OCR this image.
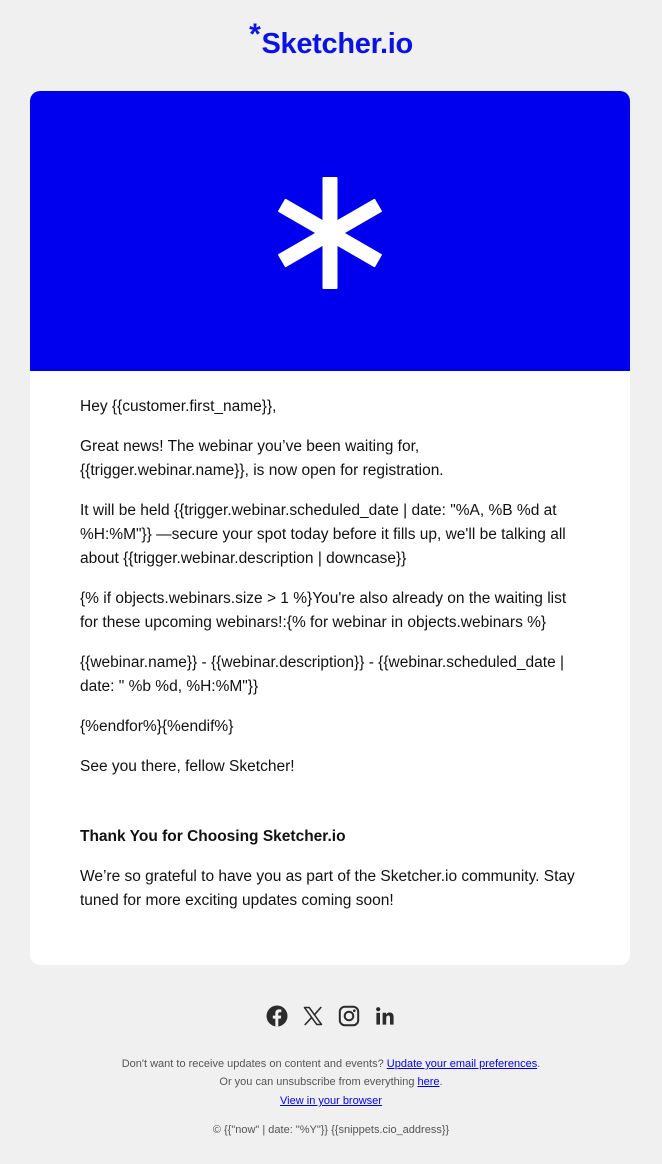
*Sketcher.io

Hey {{customer.first_name}},

Great news! The webinar you’ve been waiting for, {{trigger.webinar.name}}, is now open for registration.

It will be held {{trigger.webinar.scheduled_date | date: "%A, %B %d at %H:%M"}} —secure your spot today before it fills up, we'll be talking all about {{trigger.webinar.description | downcase}}

{% if objects.webinars.size > 1 %}You're also already on the waiting list for these upcoming webinars!:{% for webinar in objects.webinars %}

{{webinar.name}} - {{webinar.description}} - {{webinar.scheduled_date | date: " %b %d, %H:%M"}}

{%endfor%}{%endif%}

See you there, fellow Sketcher!

Thank You for Choosing Sketcher.io

We’re so grateful to have you as part of the Sketcher.io community. Stay tuned for more exciting updates coming soon!

Don't want to receive updates on content and events? Update your email preferences.
Or you can unsubscribe from everything here.
View in your browser
© {{"now" | date: "%Y"}} {{snippets.cio_address}}
